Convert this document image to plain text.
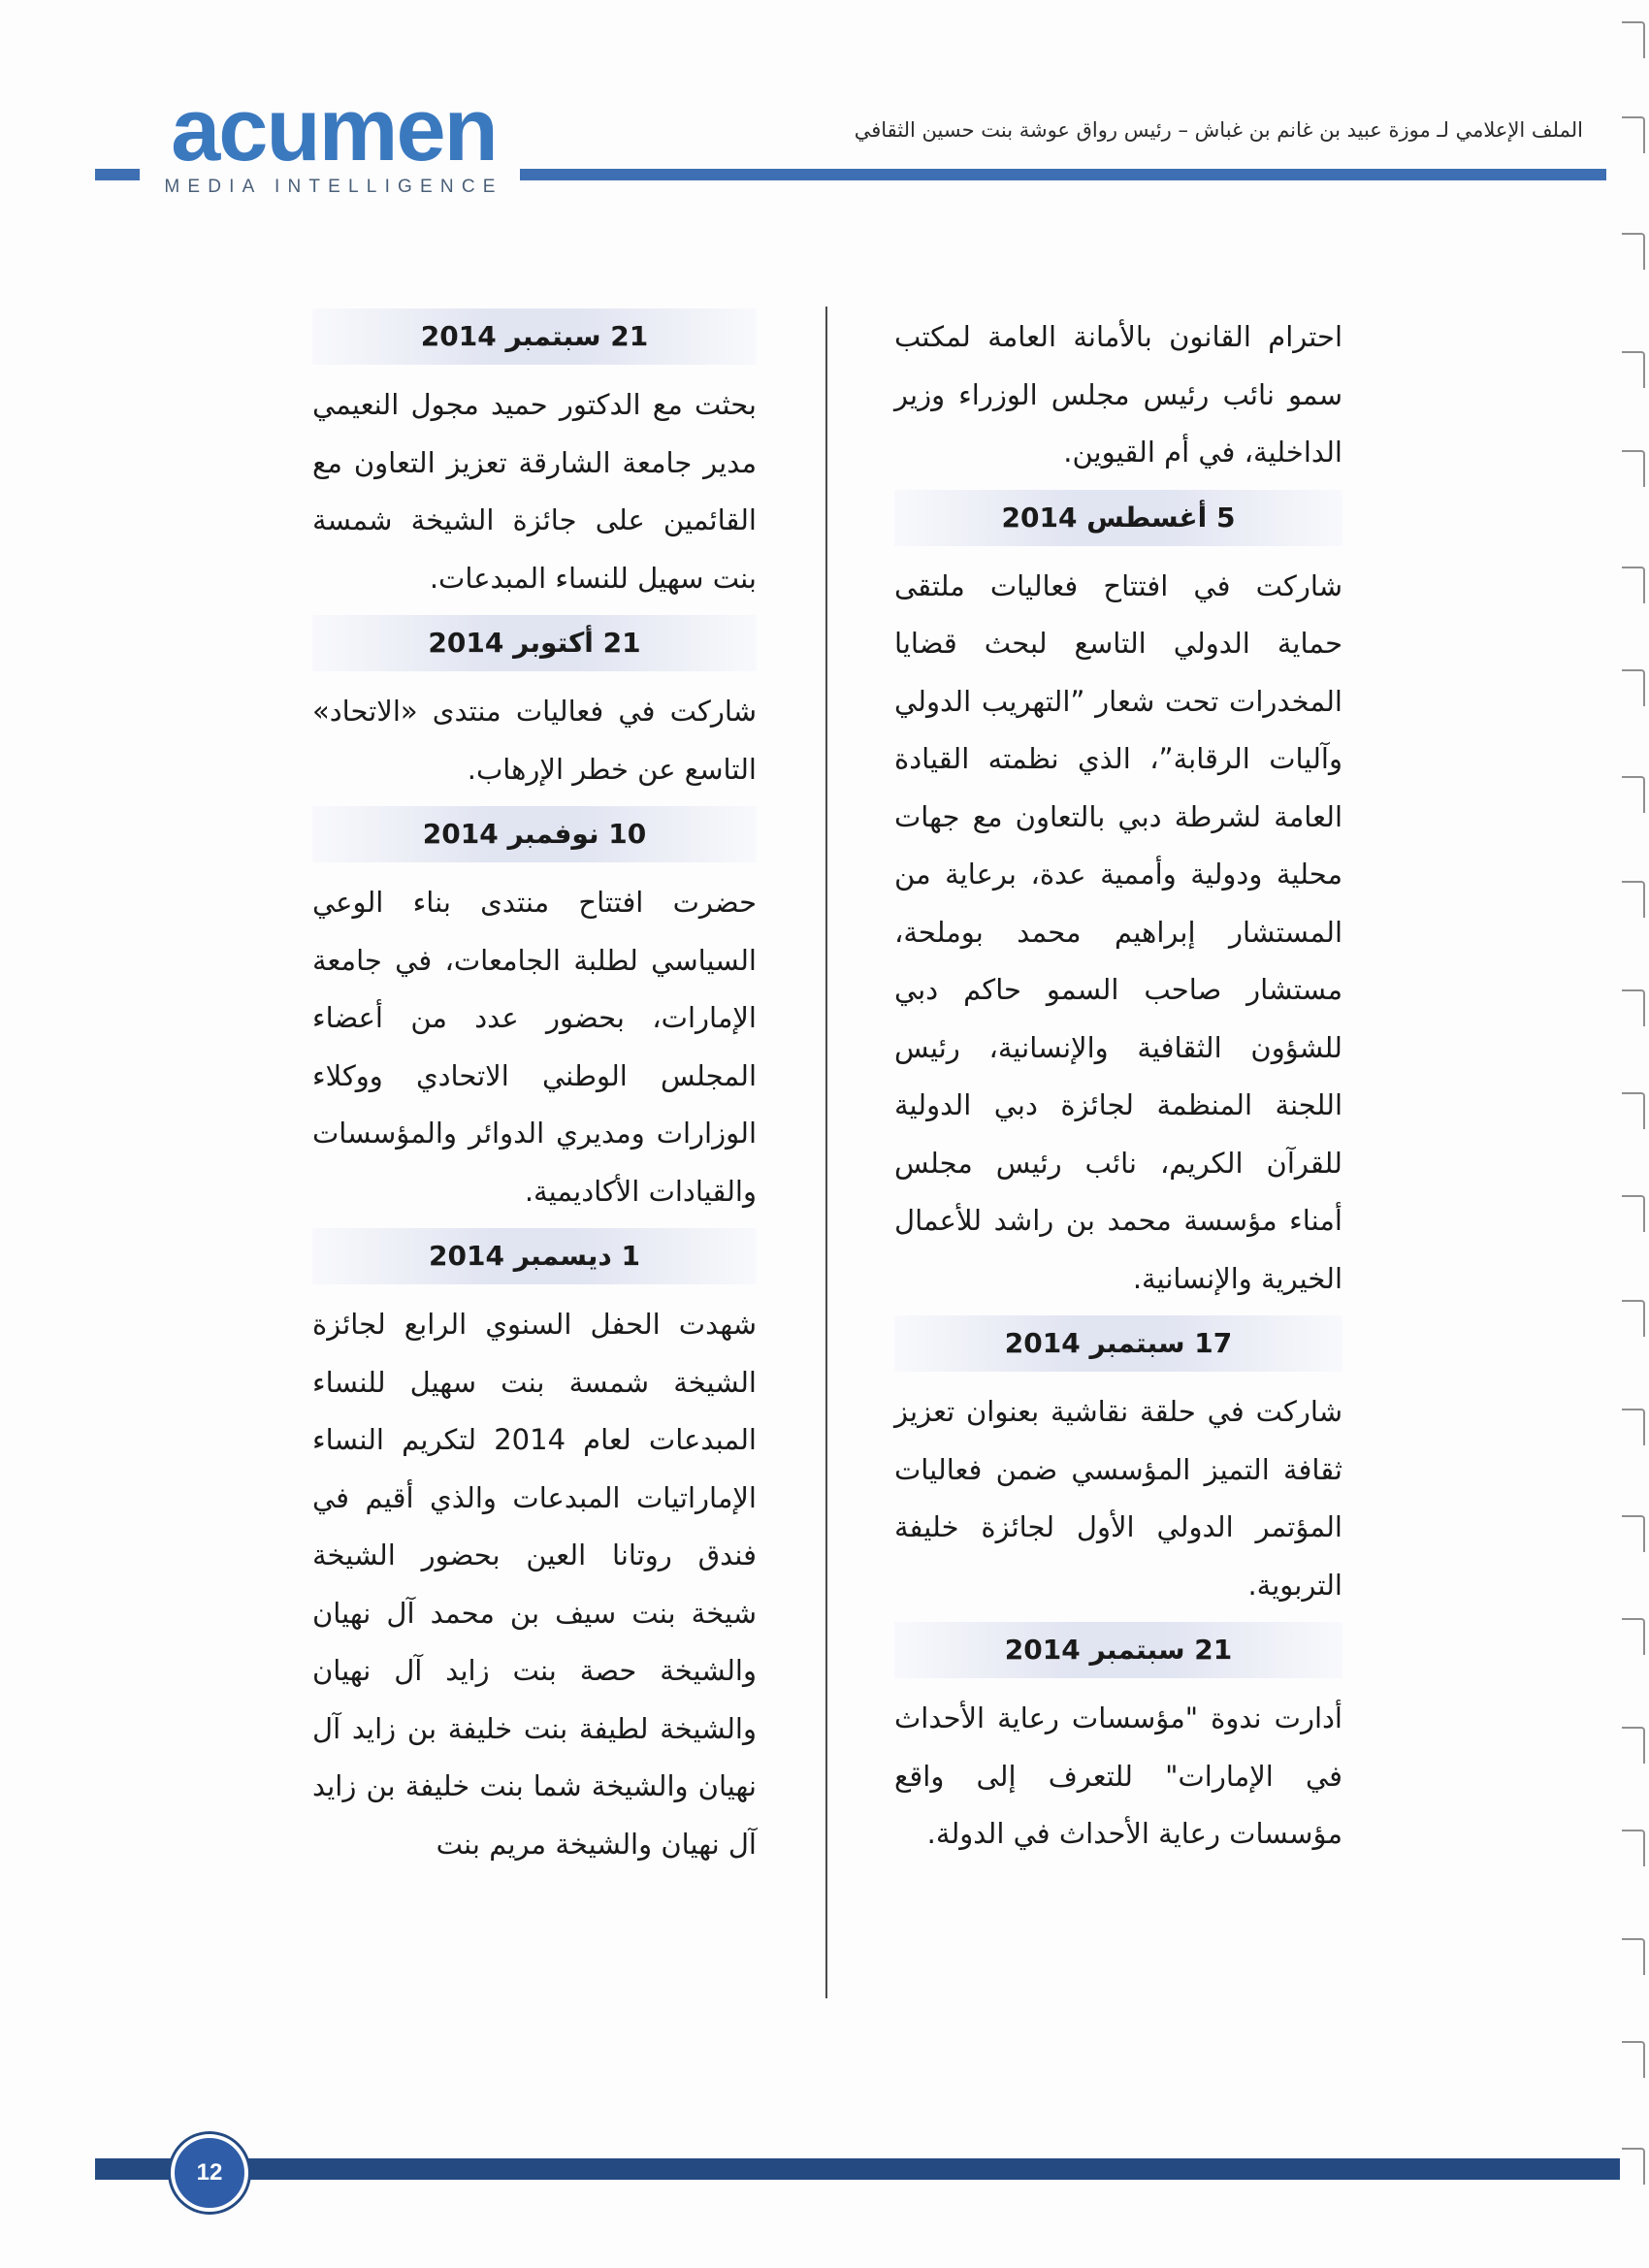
acumen
MEDIA INTELLIGENCE
الملف الإعلامي لـ موزة عبيد بن غانم بن غباش – رئيس رواق عوشة بنت حسين الثقافي

احترام القانون بالأمانة العامة لمكتب سمو نائب رئيس مجلس الوزراء وزير الداخلية، في أم القيوين.

5 أغسطس 2014

شاركت في افتتاح فعاليات ملتقى حماية الدولي التاسع لبحث قضايا المخدرات تحت شعار ”التهريب الدولي وآليات الرقابة”، الذي نظمته القيادة العامة لشرطة دبي بالتعاون مع جهات محلية ودولية وأممية عدة، برعاية من المستشار إبراهيم محمد بوملحة، مستشار صاحب السمو حاكم دبي للشؤون الثقافية والإنسانية، رئيس اللجنة المنظمة لجائزة دبي الدولية للقرآن الكريم، نائب رئيس مجلس أمناء مؤسسة محمد بن راشد للأعمال الخيرية والإنسانية.

17 سبتمبر 2014

شاركت في حلقة نقاشية بعنوان تعزيز ثقافة التميز المؤسسي ضمن فعاليات المؤتمر الدولي الأول لجائزة خليفة التربوية.

21 سبتمبر 2014

أدارت ندوة "مؤسسات رعاية الأحداث في الإمارات" للتعرف إلى واقع مؤسسات رعاية الأحداث في الدولة.

21 سبتمبر 2014

بحثت مع الدكتور حميد مجول النعيمي مدير جامعة الشارقة تعزيز التعاون مع القائمين على جائزة الشيخة شمسة بنت سهيل للنساء المبدعات.

21 أكتوبر 2014

شاركت في فعاليات منتدى «الاتحاد» التاسع عن خطر الإرهاب.

10 نوفمبر 2014

حضرت افتتاح منتدى بناء الوعي السياسي لطلبة الجامعات، في جامعة الإمارات، بحضور عدد من أعضاء المجلس الوطني الاتحادي ووكلاء الوزارات ومديري الدوائر والمؤسسات والقيادات الأكاديمية.

1 ديسمبر 2014

شهدت الحفل السنوي الرابع لجائزة الشيخة شمسة بنت سهيل للنساء المبدعات لعام 2014 لتكريم النساء الإماراتيات المبدعات والذي أقيم في فندق روتانا العين بحضور الشيخة شيخة بنت سيف بن محمد آل نهيان والشيخة حصة بنت زايد آل نهيان والشيخة لطيفة بنت خليفة بن زايد آل نهيان والشيخة شما بنت خليفة بن زايد آل نهيان والشيخة مريم بنت

12
